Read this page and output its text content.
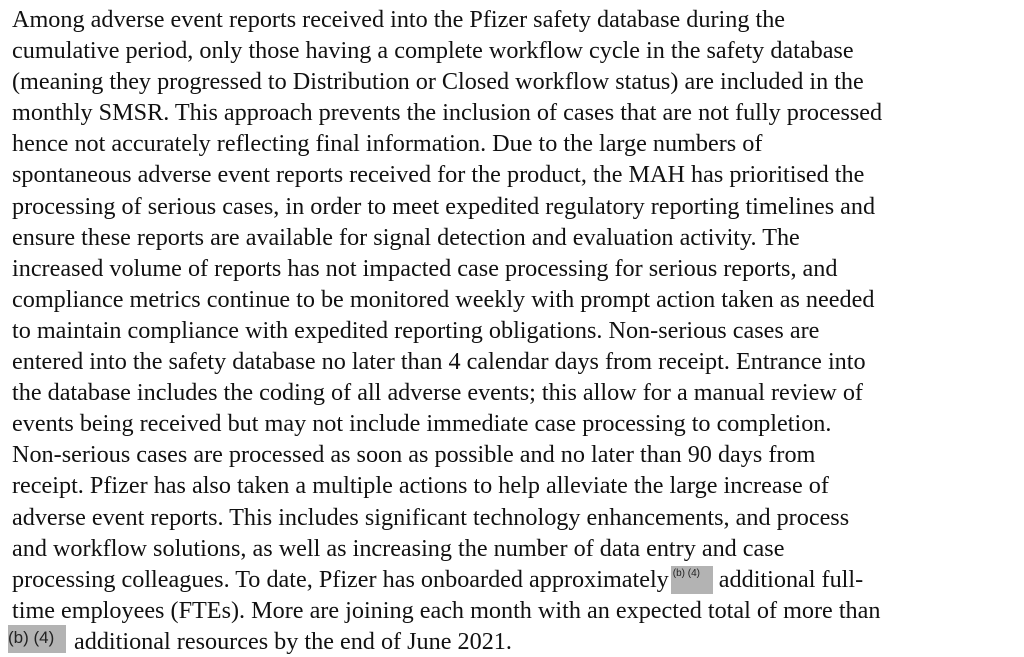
Among adverse event reports received into the Pfizer safety database during the
cumulative period, only those having a complete workflow cycle in the safety database
(meaning they progressed to Distribution or Closed workflow status) are included in the
monthly SMSR. This approach prevents the inclusion of cases that are not fully processed
hence not accurately reflecting final information. Due to the large numbers of
spontaneous adverse event reports received for the product, the MAH has prioritised the
processing of serious cases, in order to meet expedited regulatory reporting timelines and
ensure these reports are available for signal detection and evaluation activity. The
increased volume of reports has not impacted case processing for serious reports, and
compliance metrics continue to be monitored weekly with prompt action taken as needed
to maintain compliance with expedited reporting obligations. Non-serious cases are
entered into the safety database no later than 4 calendar days from receipt. Entrance into
the database includes the coding of all adverse events; this allow for a manual review of
events being received but may not include immediate case processing to completion.
Non-serious cases are processed as soon as possible and no later than 90 days from
receipt. Pfizer has also taken a multiple actions to help alleviate the large increase of
adverse event reports. This includes significant technology enhancements, and process
and workflow solutions, as well as increasing the number of data entry and case
processing colleagues. To date, Pfizer has onboarded approximately (b) (4) additional full-
time employees (FTEs). More are joining each month with an expected total of more than
(b) (4) additional resources by the end of June 2021.
